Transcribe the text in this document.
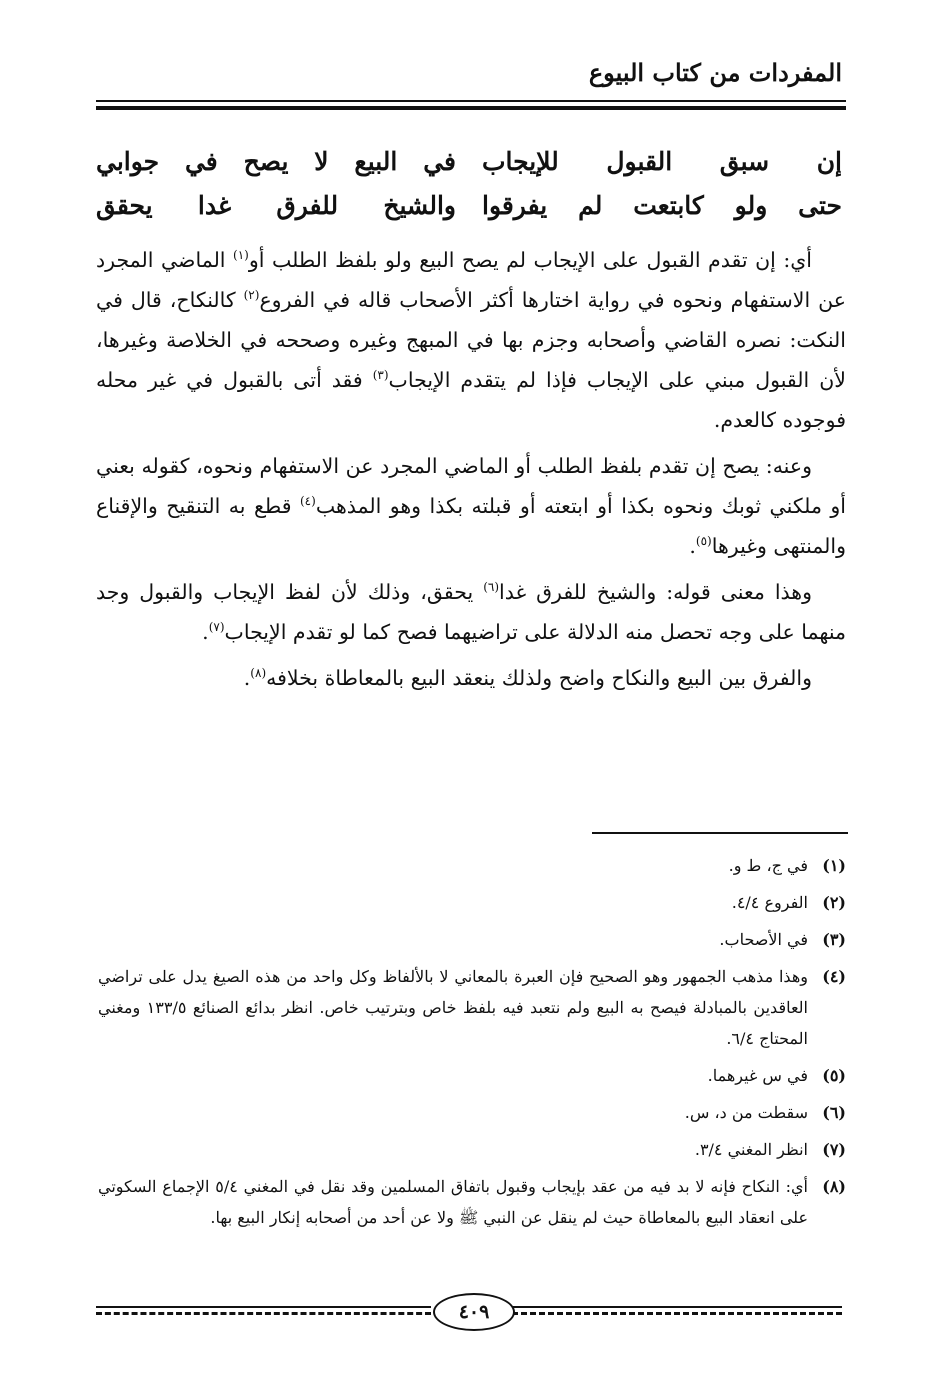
المفردات من كتاب البيوع
إن سبق القبول للإيجاب
في البيع لا يصح في جوابي
حتى ولو كابتعت لم يفرقوا
والشيخ للفرق غدا يحقق

أي: إن تقدم القبول على الإيجاب لم يصح البيع ولو بلفظ الطلب أو$^{(١)}$ الماضي المجرد عن الاستفهام ونحوه في رواية اختارها أكثر الأصحاب قاله في الفروع$^{(٢)}$ كالنكاح، قال في النكت: نصره القاضي وأصحابه وجزم بها في المبهج وغيره وصححه في الخلاصة وغيرها، لأن القبول مبني على الإيجاب فإذا لم يتقدم الإيجاب$^{(٣)}$ فقد أتى بالقبول في غير محله فوجوده كالعدم.

وعنه: يصح إن تقدم بلفظ الطلب أو الماضي المجرد عن الاستفهام ونحوه، كقوله بعني أو ملكني ثوبك ونحوه بكذا أو ابتعته أو قبلته بكذا وهو المذهب$^{(٤)}$ قطع به التنقيح والإقناع والمنتهى وغيرها$^{(٥)}$.

وهذا معنى قوله: والشيخ للفرق غدا$^{(٦)}$ يحقق، وذلك لأن لفظ الإيجاب والقبول وجد منهما على وجه تحصل منه الدلالة على تراضيهما فصح كما لو تقدم الإيجاب$^{(٧)}$.

والفرق بين البيع والنكاح واضح ولذلك ينعقد البيع بالمعاطاة بخلافه$^{(٨)}$.

(١)
في ج، ط و.
(٢)
الفروع ٤/٤.
(٣)
في الأصحاب.
(٤)
وهذا مذهب الجمهور وهو الصحيح فإن العبرة بالمعاني لا بالألفاظ وكل واحد من هذه الصيغ يدل على تراضي العاقدين بالمبادلة فيصح به البيع ولم نتعبد فيه بلفظ خاص وبترتيب خاص. انظر بدائع الصنائع ١٣٣/٥ ومغني المحتاج ٦/٤.
(٥)
في س غيرهما.
(٦)
سقطت من د، س.
(٧)
انظر المغني ٣/٤.
(٨)
أي: النكاح فإنه لا بد فيه من عقد بإيجاب وقبول باتفاق المسلمين وقد نقل في المغني ٥/٤ الإجماع السكوتي على انعقاد البيع بالمعاطاة حيث لم ينقل عن النبي ﷺ ولا عن أحد من أصحابه إنكار البيع بها.
٤٠٩
